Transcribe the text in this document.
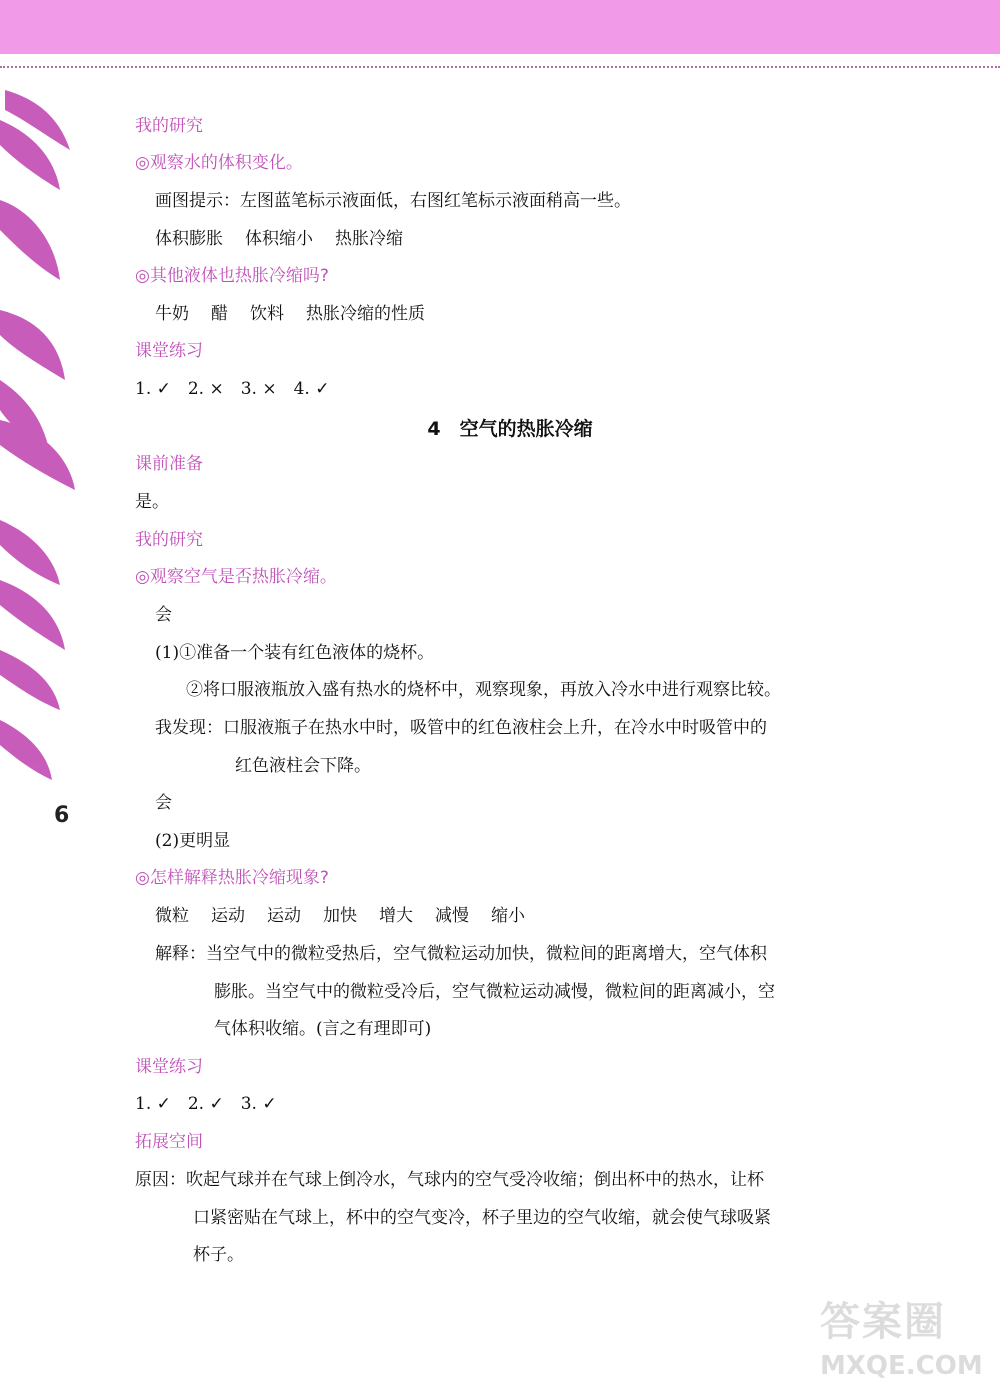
6
我的研究
◎观察水的体积变化。
画图提示：左图蓝笔标示液面低，右图红笔标示液面稍高一些。
体积膨胀 体积缩小 热胀冷缩
◎其他液体也热胀冷缩吗?
牛奶 醋 饮料 热胀冷缩的性质
课堂练习
1. ✓　2. ×　3. ×　4. ✓
4　空气的热胀冷缩
课前准备
是。
我的研究
◎观察空气是否热胀冷缩。
会
(1)①准备一个装有红色液体的烧杯。
②将口服液瓶放入盛有热水的烧杯中，观察现象，再放入冷水中进行观察比较。
我发现：口服液瓶子在热水中时，吸管中的红色液柱会上升，在冷水中时吸管中的
红色液柱会下降。
会
(2)更明显
◎怎样解释热胀冷缩现象?
微粒 运动 运动 加快 增大 减慢 缩小
解释：当空气中的微粒受热后，空气微粒运动加快，微粒间的距离增大，空气体积
膨胀。当空气中的微粒受冷后，空气微粒运动减慢，微粒间的距离减小，空
气体积收缩。(言之有理即可)
课堂练习
1. ✓　2. ✓　3. ✓
拓展空间
原因：吹起气球并在气球上倒冷水，气球内的空气受冷收缩；倒出杯中的热水，让杯
口紧密贴在气球上，杯中的空气变冷，杯子里边的空气收缩，就会使气球吸紧
杯子。
答案圈
MXQE.COM
